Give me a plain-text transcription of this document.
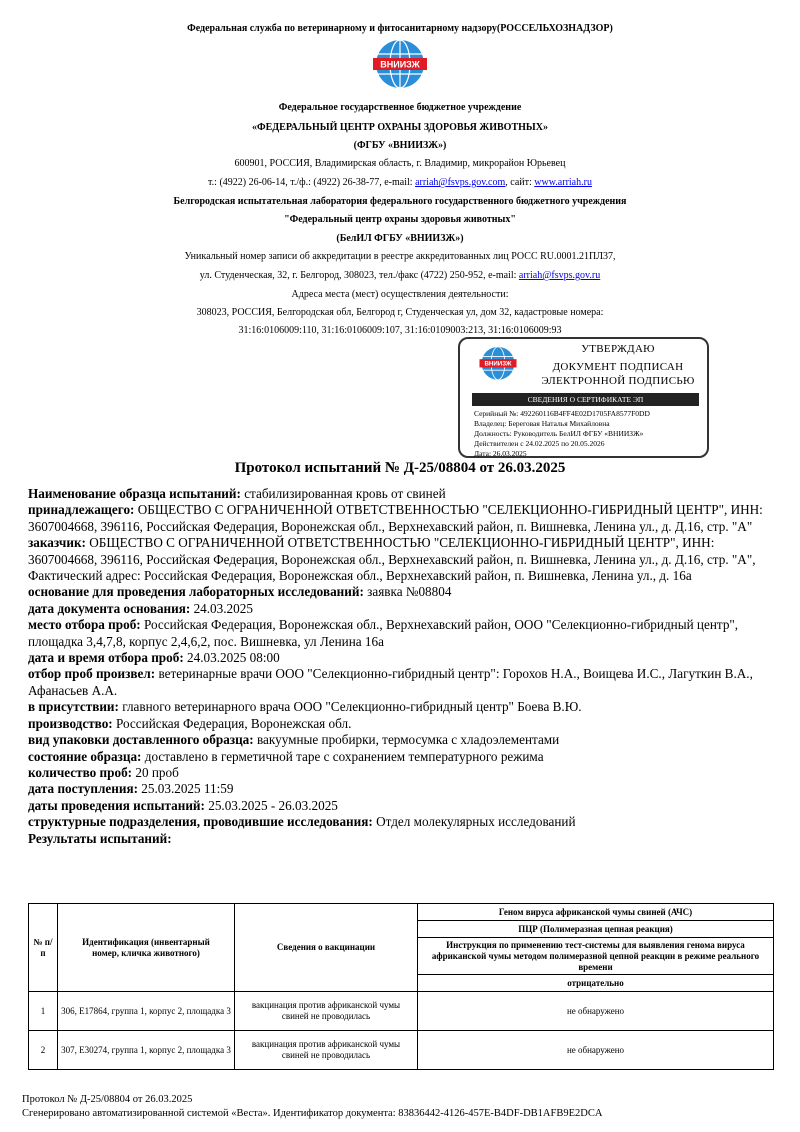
Федеральная служба по ветеринарному и фитосанитарному надзору(РОССЕЛЬХОЗНАДЗОР)
ВНИИЗЖ
Федеральное государственное бюджетное учреждение
«ФЕДЕРАЛЬНЫЙ ЦЕНТР ОХРАНЫ ЗДОРОВЬЯ ЖИВОТНЫХ»
(ФГБУ «ВНИИЗЖ»)
600901, РОССИЯ, Владимирская область, г. Владимир, микрорайон Юрьевец
т.: (4922) 26-06-14, т./ф.: (4922) 26-38-77, e-mail: arriah@fsvps.gov.com, сайт: www.arriah.ru
Белгородская испытательная лаборатория федерального государственного бюджетного учреждения
"Федеральный центр охраны здоровья животных"
(БелИЛ ФГБУ «ВНИИЗЖ»)
Уникальный номер записи об аккредитации в реестре аккредитованных лиц РОСС RU.0001.21ПЛ37,
ул. Студенческая, 32, г. Белгород, 308023, тел./факс (4722) 250-952, e-mail: arriah@fsvps.gov.ru
Адреса места (мест) осуществления деятельности:
308023, РОССИЯ, Белгородская обл, Белгород г, Студенческая ул, дом 32, кадастровые номера:
31:16:0106009:110, 31:16:0106009:107, 31:16:0109003:213, 31:16:0106009:93
ВНИИЗЖ
УТВЕРЖДАЮ
ДОКУМЕНТ ПОДПИСАН
ЭЛЕКТРОННОЙ ПОДПИСЬЮ
СВЕДЕНИЯ О СЕРТИФИКАТЕ ЭП
Серийный №: 492260116B4FF4E02D1705FA8577F0DD
Владелец: Береговая Наталья Михайловна
Должность: Руководитель БелИЛ ФГБУ «ВНИИЗЖ»
Действителен с 24.02.2025 по 20.05.2026
Дата: 26.03.2025
Протокол испытаний № Д-25/08804 от 26.03.2025

Наименование образца испытаний: стабилизированная кровь от свиней

принадлежащего: ОБЩЕСТВО С ОГРАНИЧЕННОЙ ОТВЕТСТВЕННОСТЬЮ "СЕЛЕКЦИОННО-ГИБРИДНЫЙ ЦЕНТР", ИНН: 3607004668, 396116, Российская Федерация, Воронежская обл., Верхнехавский район, п. Вишневка, Ленина ул., д. Д.16, стр. "А"

заказчик: ОБЩЕСТВО С ОГРАНИЧЕННОЙ ОТВЕТСТВЕННОСТЬЮ "СЕЛЕКЦИОННО-ГИБРИДНЫЙ ЦЕНТР", ИНН: 3607004668, 396116, Российская Федерация, Воронежская обл., Верхнехавский район, п. Вишневка, Ленина ул., д. Д.16, стр. "А", Фактический адрес: Российская Федерация, Воронежская обл., Верхнехавский район, п. Вишневка, Ленина ул., д. 16а

основание для проведения лабораторных исследований: заявка №08804

дата документа основания: 24.03.2025

место отбора проб: Российская Федерация, Воронежская обл., Верхнехавский район, ООО "Селекционно-гибридный центр", площадка 3,4,7,8, корпус 2,4,6,2, пос. Вишневка, ул Ленина 16а

дата и время отбора проб: 24.03.2025 08:00

отбор проб произвел: ветеринарные врачи ООО "Селекционно-гибридный центр": Горохов Н.А., Воищева И.С., Лагуткин В.А., Афанасьев А.А.

в присутствии: главного ветеринарного врача ООО "Селекционно-гибридный центр" Боева В.Ю.

производство: Российская Федерация, Воронежская обл.

вид упаковки доставленного образца: вакуумные пробирки, термосумка с хладоэлементами

состояние образца: доставлено в герметичной таре с сохранением температурного режима

количество проб: 20 проб

дата поступления: 25.03.2025 11:59

даты проведения испытаний: 25.03.2025 - 26.03.2025

структурные подразделения, проводившие исследования: Отдел молекулярных исследований

Результаты испытаний:

№ п/п	Идентификация (инвентарный номер, кличка животного)	Сведения о вакцинации	Геном вируса африканской чумы свиней (АЧС)
			ПЦР (Полимеразная цепная реакция)
			Инструкция по применению тест-системы для выявления генома вируса африканской чумы методом полимеразной цепной реакции в режиме реального времени
			отрицательно
1	306, E17864, группа 1, корпус 2, площадка 3	вакцинация против африканской чумы свиней не проводилась	не обнаружено
2	307, E30274, группа 1, корпус 2, площадка 3	вакцинация против африканской чумы свиней не проводилась	не обнаружено
Протокол № Д-25/08804 от 26.03.2025
Сгенерировано автоматизированной системой «Веста». Идентификатор документа: 83836442-4126-457E-B4DF-DB1AFB9E2DCA
